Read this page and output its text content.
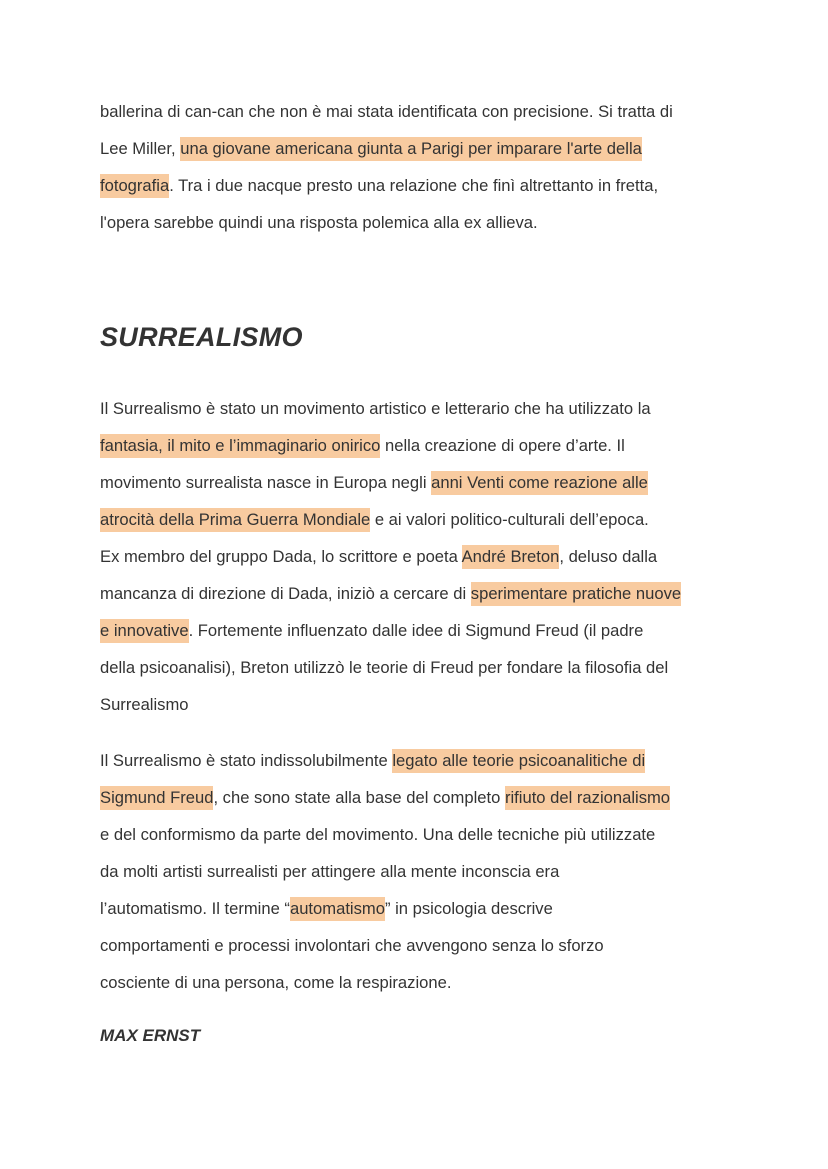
ballerina di can-can che non è mai stata identificata con precisione. Si tratta di
Lee Miller, una giovane americana giunta a Parigi per imparare l'arte della
fotografia. Tra i due nacque presto una relazione che finì altrettanto in fretta,
l'opera sarebbe quindi una risposta polemica alla ex allieva.
SURREALISMO
Il Surrealismo è stato un movimento artistico e letterario che ha utilizzato la
fantasia, il mito e l’immaginario onirico nella creazione di opere d’arte. Il
movimento surrealista nasce in Europa negli anni Venti come reazione alle
atrocità della Prima Guerra Mondiale e ai valori politico-culturali dell’epoca.
Ex membro del gruppo Dada, lo scrittore e poeta André Breton, deluso dalla
mancanza di direzione di Dada, iniziò a cercare di sperimentare pratiche nuove
e innovative. Fortemente influenzato dalle idee di Sigmund Freud (il padre
della psicoanalisi), Breton utilizzò le teorie di Freud per fondare la filosofia del
Surrealismo
Il Surrealismo è stato indissolubilmente legato alle teorie psicoanalitiche di
Sigmund Freud, che sono state alla base del completo rifiuto del razionalismo
e del conformismo da parte del movimento. Una delle tecniche più utilizzate
da molti artisti surrealisti per attingere alla mente inconscia era
l’automatismo. Il termine “automatismo” in psicologia descrive
comportamenti e processi involontari che avvengono senza lo sforzo
cosciente di una persona, come la respirazione.
MAX ERNST
